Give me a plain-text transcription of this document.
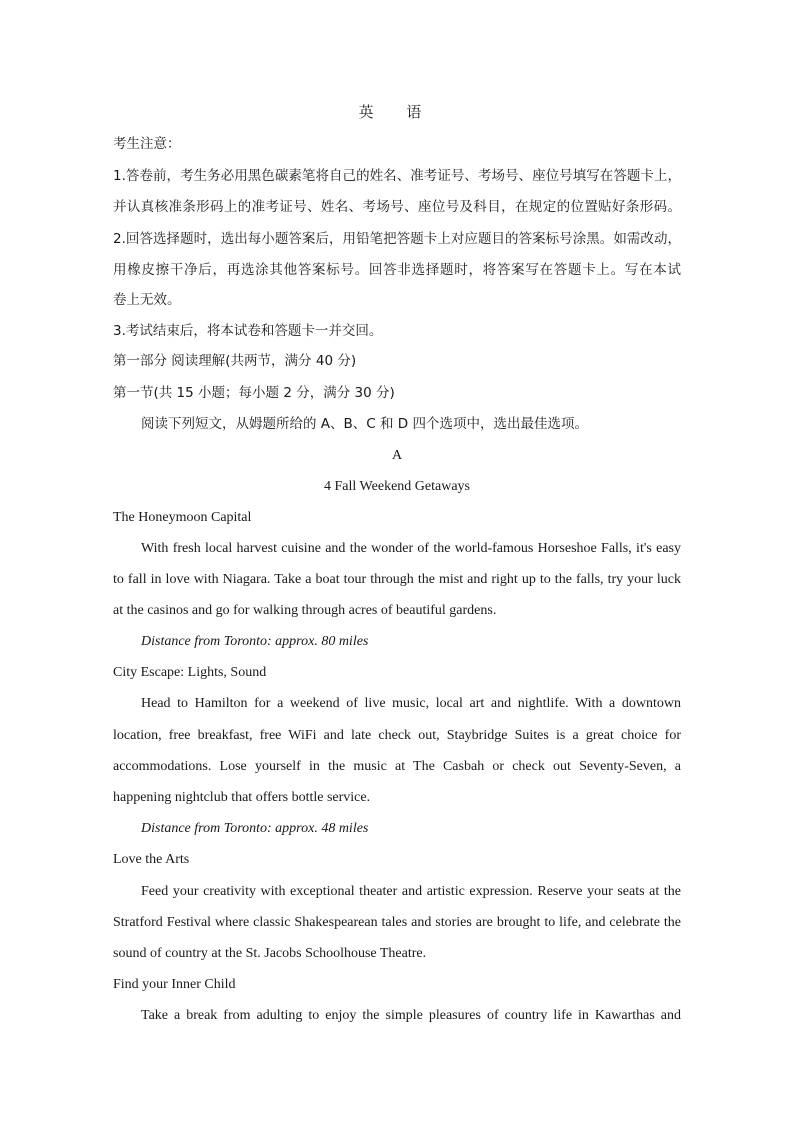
英 语
考生注意：
1.答卷前，考生务必用黑色碳素笔将自己的姓名、准考证号、考场号、座位号填写在答题卡上，
并认真核准条形码上的准考证号、姓名、考场号、座位号及科目，在规定的位置贴好条形码。
2.回答选择题时，选出每小题答案后，用铅笔把答题卡上对应题目的答案标号涂黑。如需改动，
用橡皮擦干净后，再选涂其他答案标号。回答非选择题时，将答案写在答题卡上。写在本试
卷上无效。
3.考试结束后，将本试卷和答题卡一并交回。
第一部分 阅读理解(共两节，满分 40 分)
第一节(共 15 小题；每小题 2 分，满分 30 分)
阅读下列短文，从姆题所给的 A、B、C 和 D 四个选项中，选出最佳选项。
A
4 Fall Weekend Getaways
The Honeymoon Capital
With fresh local harvest cuisine and the wonder of the world-famous Horseshoe Falls, it's easy
to fall in love with Niagara. Take a boat tour through the mist and right up to the falls, try your luck
at the casinos and go for walking through acres of beautiful gardens.
Distance from Toronto: approx. 80 miles
City Escape: Lights, Sound
Head to Hamilton for a weekend of live music, local art and nightlife. With a downtown
location, free breakfast, free WiFi and late check out, Staybridge Suites is a great choice for
accommodations. Lose yourself in the music at The Casbah or check out Seventy-Seven, a
happening nightclub that offers bottle service.
Distance from Toronto: approx. 48 miles
Love the Arts
Feed your creativity with exceptional theater and artistic expression. Reserve your seats at the
Stratford Festival where classic Shakespearean tales and stories are brought to life, and celebrate the
sound of country at the St. Jacobs Schoolhouse Theatre.
Find your Inner Child
Take a break from adulting to enjoy the simple pleasures of country life in Kawarthas and
